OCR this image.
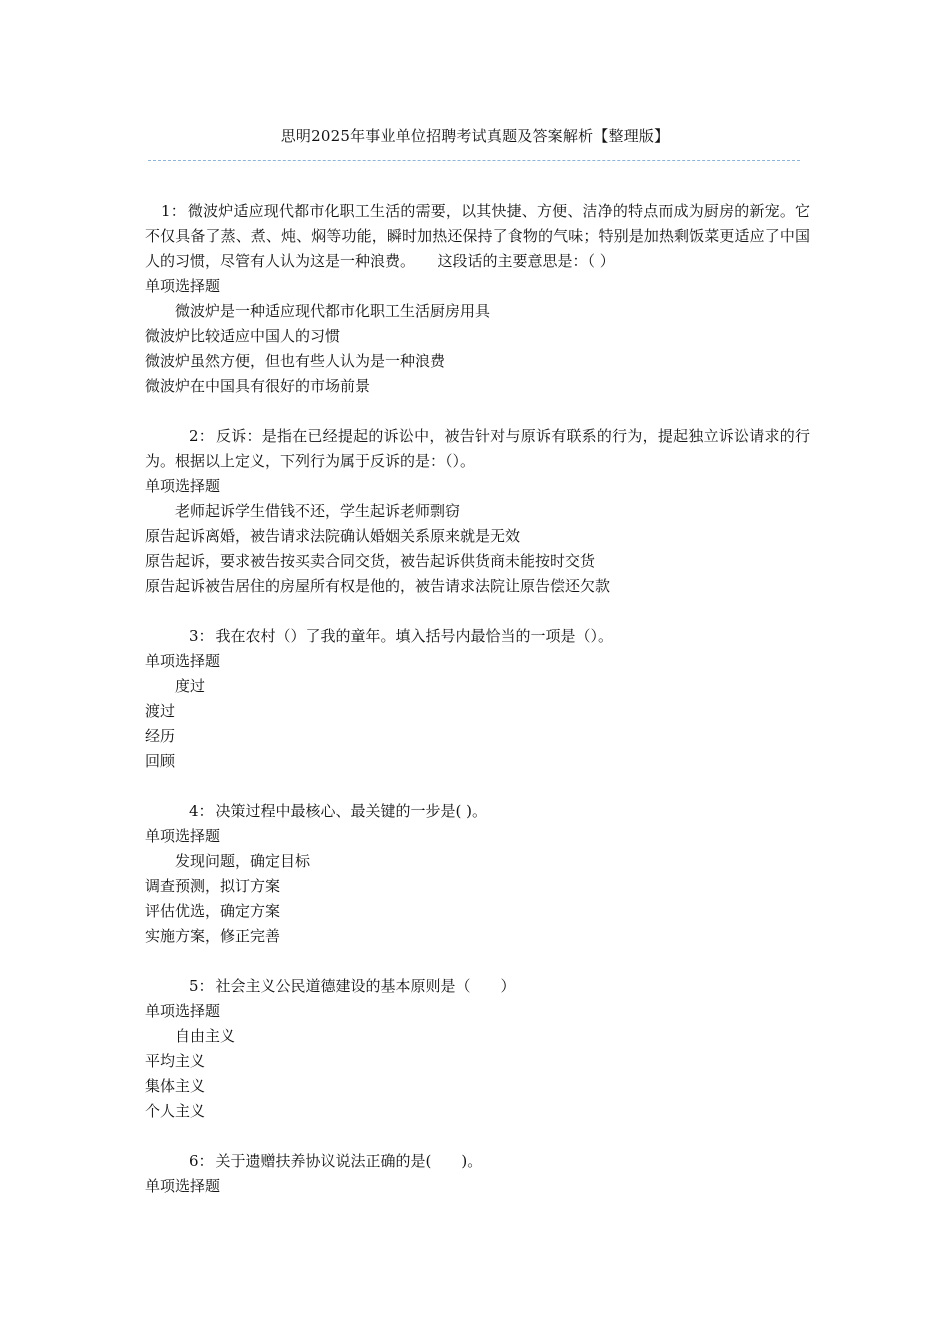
思明2025年事业单位招聘考试真题及答案解析【整理版】
1： 微波炉适应现代都市化职工生活的需要，以其快捷、方便、洁净的特点而成为厨房的新宠。它不仅具备了蒸、煮、炖、焖等功能，瞬时加热还保持了食物的气味；特别是加热剩饭菜更适应了中国人的习惯，尽管有人认为这是一种浪费。　　这段话的主要意思是：（ ）
单项选择题
微波炉是一种适应现代都市化职工生活厨房用具
微波炉比较适应中国人的习惯
微波炉虽然方便，但也有些人认为是一种浪费
微波炉在中国具有很好的市场前景
2： 反诉：是指在已经提起的诉讼中，被告针对与原诉有联系的行为，提起独立诉讼请求的行为。根据以上定义，下列行为属于反诉的是：（）。
单项选择题
老师起诉学生借钱不还，学生起诉老师剽窃
原告起诉离婚，被告请求法院确认婚姻关系原来就是无效
原告起诉，要求被告按买卖合同交货，被告起诉供货商未能按时交货
原告起诉被告居住的房屋所有权是他的，被告请求法院让原告偿还欠款
3： 我在农村（）了我的童年。填入括号内最恰当的一项是（）。
单项选择题
度过
渡过
经历
回顾
4： 决策过程中最核心、最关键的一步是( )。
单项选择题
发现问题，确定目标
调查预测，拟订方案
评估优选，确定方案
实施方案，修正完善
5： 社会主义公民道德建设的基本原则是（　　）
单项选择题
自由主义
平均主义
集体主义
个人主义
6： 关于遗赠扶养协议说法正确的是(　　)。
单项选择题
